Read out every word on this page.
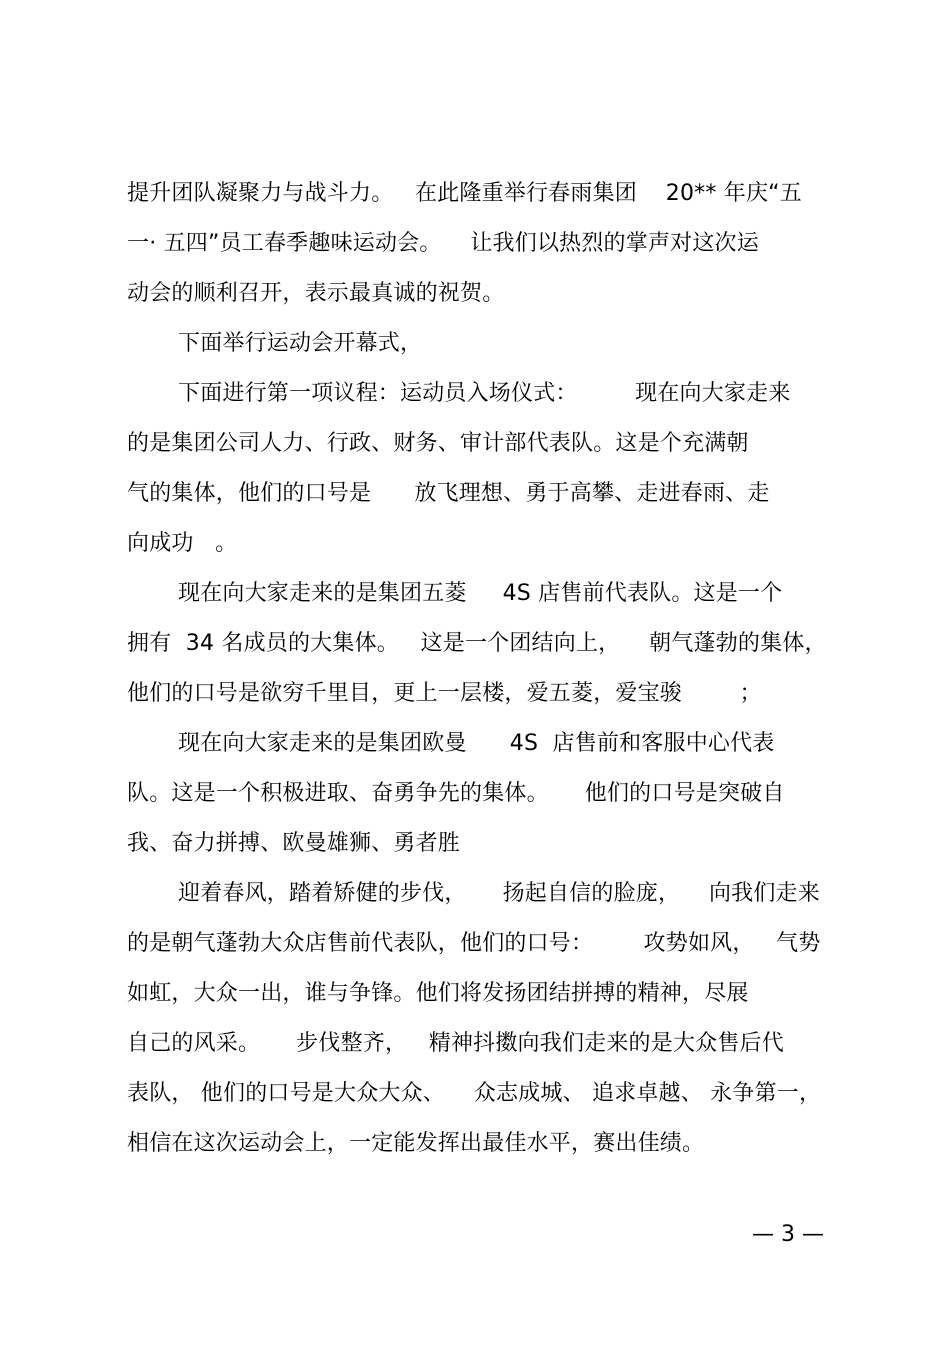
提升团队凝聚力与战斗力。   在此隆重举行春雨集团    20** 年庆“五
一· 五四”员工春季趣味运动会。    让我们以热烈的掌声对这次运
动会的顺利召开，表示最真诚的祝贺。
下面举行运动会开幕式，
下面进行第一项议程：运动员入场仪式：        现在向大家走来
的是集团公司人力、行政、财务、审计部代表队。这是个充满朝
气的集体，他们的口号是      放飞理想、勇于高攀、走进春雨、走
向成功   。
现在向大家走来的是集团五菱     4S 店售前代表队。这是一个
拥有  34 名成员的大集体。   这是一个团结向上，    朝气蓬勃的集体，
他们的口号是欲穷千里目，更上一层楼，爱五菱，爱宝骏        ；
现在向大家走来的是集团欧曼      4S  店售前和客服中心代表
队。这是一个积极进取、奋勇争先的集体。     他们的口号是突破自
我、奋力拼搏、欧曼雄狮、勇者胜
迎着春风，踏着矫健的步伐，     扬起自信的脸庞，    向我们走来
的是朝气蓬勃大众店售前代表队，他们的口号：       攻势如风，   气势
如虹，大众一出，谁与争锋。他们将发扬团结拼搏的精神，尽展
自己的风采。     步伐整齐，   精神抖擞向我们走来的是大众售后代
表队， 他们的口号是大众大众、    众志成城、 追求卓越、 永争第一，
相信在这次运动会上，一定能发挥出最佳水平，赛出佳绩。
— 3 —
